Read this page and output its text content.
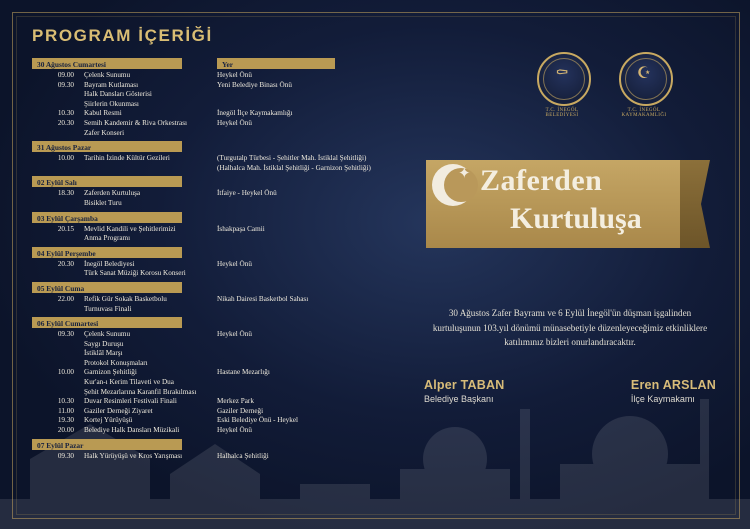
PROGRAM İÇERİĞİ
30 Ağustos Cumartesi	Yer
09.00 Çelenk Sunumu	Heykel Önü
09.30 Bayram Kutlaması	Yeni Belediye Binası Önü
Halk Dansları Gösterisi
Şiirlerin Okunması
10.30 Kabul Resmi	İnegöl İlçe Kaymakamlığı
20.30 Semih Kandemir & Riva Orkestrası	Heykel Önü
Zafer Konseri
31 Ağustos Pazar
10.00 Tarihin İzinde Kültür Gezileri	(Turgutalp Türbesi - Şehitler Mah. İstiklal Şehitliği)
(Halhalca Mah. İstiklal Şehitliği - Garnizon Şehitliği)
02 Eylül Salı
18.30 Zaferden Kurtuluşa	İtfaiye - Heykel Önü
Bisiklet Turu
03 Eylül Çarşamba
20.15 Mevlid Kandili ve Şehitlerimizi	İshakpaşa Camii
Anma Programı
04 Eylül Perşembe
20.30 İnegöl Belediyesi	Heykel Önü
Türk Sanat Müziği Korosu Konseri
05 Eylül Cuma
22.00 Refik Gür Sokak Basketbolu	Nikah Dairesi Basketbol Sahası
Turnuvası Finali
06 Eylül Cumartesi
09.30 Çelenk Sunumu	Heykel Önü
Saygı Duruşu
İstiklâl Marşı
Protokol Konuşmaları
10.00 Garnizon Şehitliği	Hastane Mezarlığı
Kur'an-ı Kerim Tilaveti ve Dua
Şehit Mezarlarına Karanfil Bırakılması
10.30 Duvar Resimleri Festivali Finali	Merkez Park
11.00 Gaziler Derneği Ziyaret	Gaziler Derneği
19.30 Kortej Yürüyüşü	Eski Belediye Önü - Heykel
20.00 Belediye Halk Dansları Müzikali	Heykel Önü
07 Eylül Pazar
09.30 Halk Yürüyüşü ve Kros Yarışması	Halhalca Şehitliği
⚰
T.C. İNEGÖL BELEDİYESİ
☪
T.C. İNEGÖL KAYMAKAMLIĞI
✦ Zaferden
Kurtuluşa
30 Ağustos Zafer Bayramı ve 6 Eylül İnegöl'ün düşman işgalinden kurtuluşunun 103.yıl dönümü münasebetiyle düzenleyeceğimiz etkinliklere katılımınız bizleri onurlandıracaktır.
Alper TABAN
Belediye Başkanı
Eren ARSLAN
İlçe Kaymakamı
